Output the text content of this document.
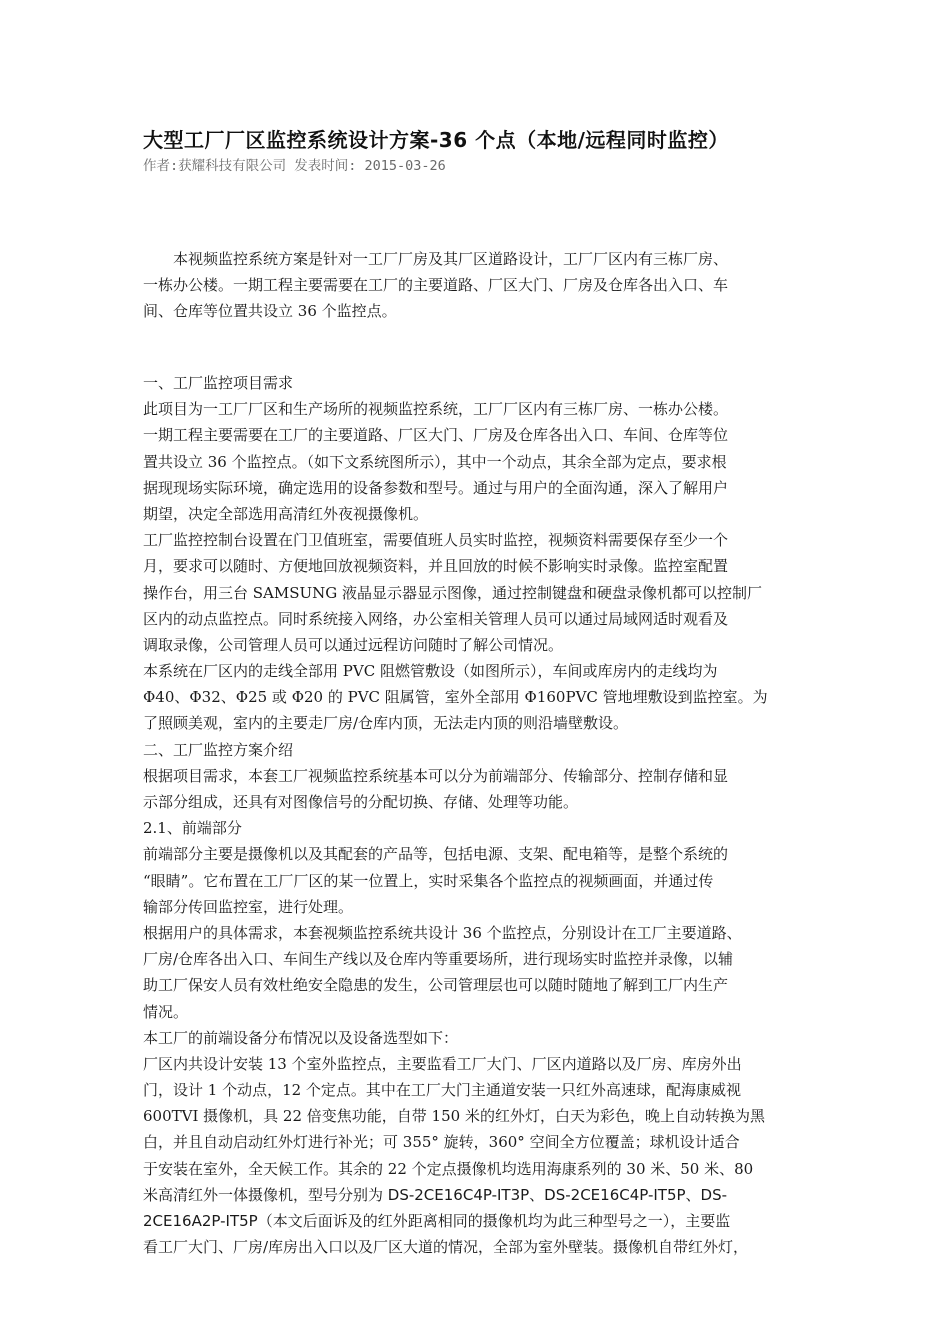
大型工厂厂区监控系统设计方案-36 个点（本地/远程同时监控）
作者:获耀科技有限公司 发表时间: 2015-03-26
本视频监控系统方案是针对一工厂厂房及其厂区道路设计，工厂厂区内有三栋厂房、
一栋办公楼。一期工程主要需要在工厂的主要道路、厂区大门、厂房及仓库各出入口、车
间、仓库等位置共设立 36 个监控点。
一、工厂监控项目需求
此项目为一工厂厂区和生产场所的视频监控系统，工厂厂区内有三栋厂房、一栋办公楼。
一期工程主要需要在工厂的主要道路、厂区大门、厂房及仓库各出入口、车间、仓库等位
置共设立 36 个监控点。（如下文系统图所示），其中一个动点，其余全部为定点，要求根
据现现场实际环境，确定选用的设备参数和型号。通过与用户的全面沟通，深入了解用户
期望，决定全部选用高清红外夜视摄像机。
工厂监控控制台设置在门卫值班室，需要值班人员实时监控，视频资料需要保存至少一个
月，要求可以随时、方便地回放视频资料，并且回放的时候不影响实时录像。监控室配置
操作台，用三台 SAMSUNG 液晶显示器显示图像，通过控制键盘和硬盘录像机都可以控制厂
区内的动点监控点。同时系统接入网络，办公室相关管理人员可以通过局域网适时观看及
调取录像，公司管理人员可以通过远程访问随时了解公司情况。
本系统在厂区内的走线全部用 PVC 阻燃管敷设（如图所示），车间或库房内的走线均为
Φ40、Φ32、Φ25 或 Φ20 的 PVC 阻属管，室外全部用 Φ160PVC 管地埋敷设到监控室。为
了照顾美观，室内的主要走厂房/仓库内顶，无法走内顶的则沿墙壁敷设。
二、工厂监控方案介绍
根据项目需求，本套工厂视频监控系统基本可以分为前端部分、传输部分、控制存储和显
示部分组成，还具有对图像信号的分配切换、存储、处理等功能。
2.1、前端部分
前端部分主要是摄像机以及其配套的产品等，包括电源、支架、配电箱等，是整个系统的
“眼睛”。它布置在工厂厂区的某一位置上，实时采集各个监控点的视频画面，并通过传
输部分传回监控室，进行处理。
根据用户的具体需求，本套视频监控系统共设计 36 个监控点，分别设计在工厂主要道路、
厂房/仓库各出入口、车间生产线以及仓库内等重要场所，进行现场实时监控并录像，以辅
助工厂保安人员有效杜绝安全隐患的发生，公司管理层也可以随时随地了解到工厂内生产
情况。
本工厂的前端设备分布情况以及设备选型如下：
厂区内共设计安装 13 个室外监控点，主要监看工厂大门、厂区内道路以及厂房、库房外出
门，设计 1 个动点，12 个定点。其中在工厂大门主通道安装一只红外高速球，配海康威视
600TVI 摄像机，具 22 倍变焦功能，自带 150 米的红外灯，白天为彩色，晚上自动转换为黑
白，并且自动启动红外灯进行补光；可 355° 旋转，360° 空间全方位覆盖；球机设计适合
于安装在室外，全天候工作。其余的 22 个定点摄像机均选用海康系列的 30 米、50 米、80
米高清红外一体摄像机，型号分别为 DS-2CE16C4P-IT3P、DS-2CE16C4P-IT5P、DS-
2CE16A2P-IT5P（本文后面诉及的红外距离相同的摄像机均为此三种型号之一），主要监
看工厂大门、厂房/库房出入口以及厂区大道的情况，全部为室外壁装。摄像机自带红外灯，
